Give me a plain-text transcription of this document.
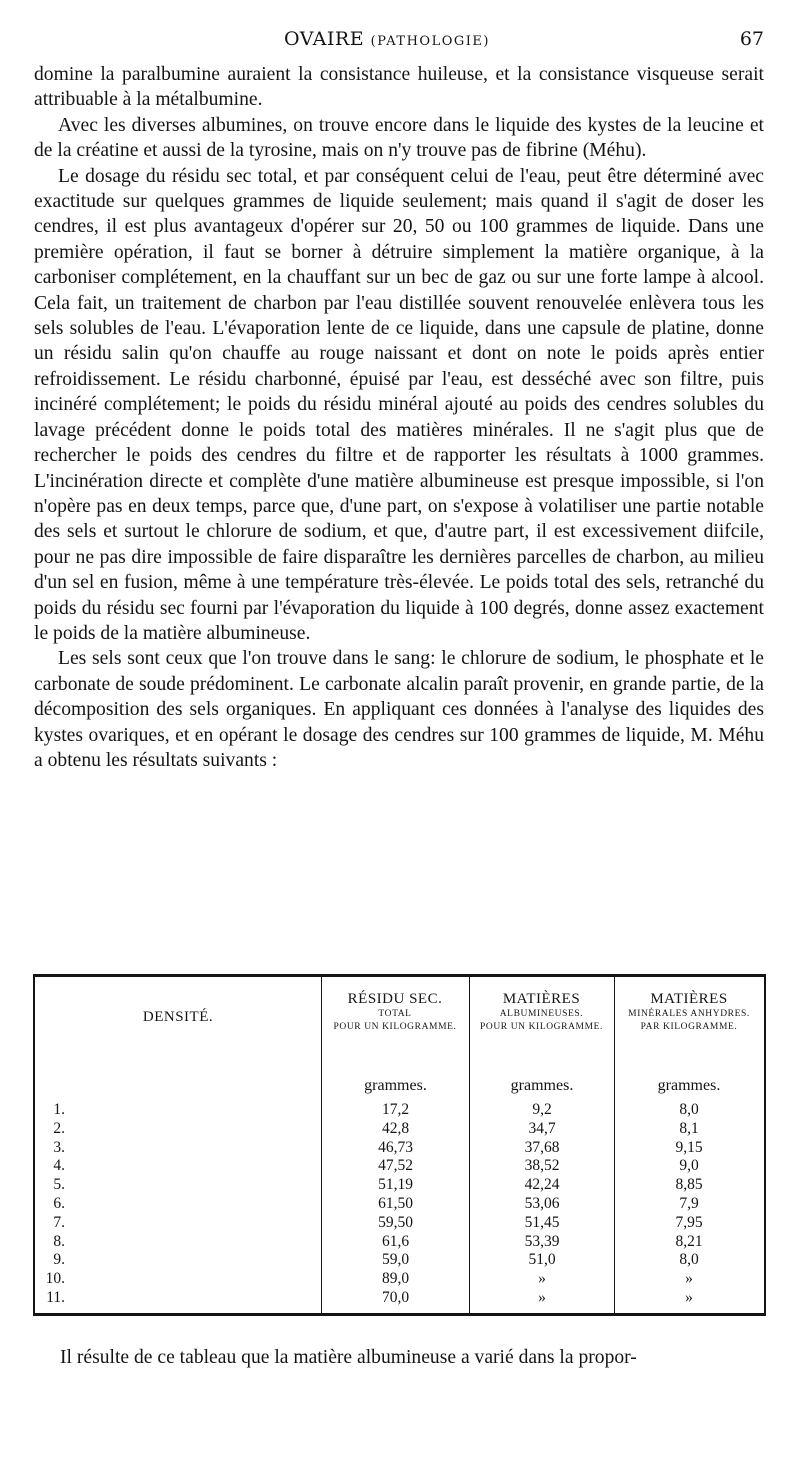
OVAIRE (PATHOLOGIE)	67

domine la paralbumine auraient la consistance huileuse, et la consistance visqueuse serait attribuable à la métalbumine.

Avec les diverses albumines, on trouve encore dans le liquide des kystes de la leucine et de la créatine et aussi de la tyrosine, mais on n'y trouve pas de fibrine (Méhu).

Le dosage du résidu sec total, et par conséquent celui de l'eau, peut être déterminé avec exactitude sur quelques grammes de liquide seulement; mais quand il s'agit de doser les cendres, il est plus avantageux d'opérer sur 20, 50 ou 100 grammes de liquide. Dans une première opération, il faut se borner à détruire simplement la matière organique, à la carboniser complétement, en la chauffant sur un bec de gaz ou sur une forte lampe à alcool. Cela fait, un traitement de charbon par l'eau distillée souvent renouvelée enlèvera tous les sels solubles de l'eau. L'évaporation lente de ce liquide, dans une capsule de platine, donne un résidu salin qu'on chauffe au rouge naissant et dont on note le poids après entier refroidissement. Le résidu charbonné, épuisé par l'eau, est desséché avec son filtre, puis incinéré complétement; le poids du résidu minéral ajouté au poids des cendres solubles du lavage précédent donne le poids total des matières minérales. Il ne s'agit plus que de rechercher le poids des cendres du filtre et de rapporter les résultats à 1000 grammes. L'incinération directe et complète d'une matière albumineuse est presque impossible, si l'on n'opère pas en deux temps, parce que, d'une part, on s'expose à volatiliser une partie notable des sels et surtout le chlorure de sodium, et que, d'autre part, il est excessivement diifcile, pour ne pas dire impossible de faire disparaître les dernières parcelles de charbon, au milieu d'un sel en fusion, même à une température très-élevée. Le poids total des sels, retranché du poids du résidu sec fourni par l'évaporation du liquide à 100 degrés, donne assez exactement le poids de la matière albumineuse.

Les sels sont ceux que l'on trouve dans le sang: le chlorure de sodium, le phosphate et le carbonate de soude prédominent. Le carbonate alcalin paraît provenir, en grande partie, de la décomposition des sels organiques. En appliquant ces données à l'analyse des liquides des kystes ovariques, et en opérant le dosage des cendres sur 100 grammes de liquide, M. Méhu a obtenu les résultats suivants :

DENSITÉ.
RÉSIDU SEC.
TOTAL
POUR UN KILOGRAMME.
MATIÈRES
ALBUMINEUSES.
POUR UN KILOGRAMME.
MATIÈRES
MINÉRALES ANHYDRES.
PAR KILOGRAMME.
grammes.	grammes.	grammes.
1.	17,2	9,2	8,0
2.	42,8	34,7	8,1
3.	46,73	37,68	9,15
4.	47,52	38,52	9,0
5.	51,19	42,24	8,85
6.	61,50	53,06	7,9
7.	59,50	51,45	7,95
8.	61,6	53,39	8,21
9.	59,0	51,0	8,0
10.	89,0	»	»
11.	70,0	»	»
Il résulte de ce tableau que la matière albumineuse a varié dans la propor-
